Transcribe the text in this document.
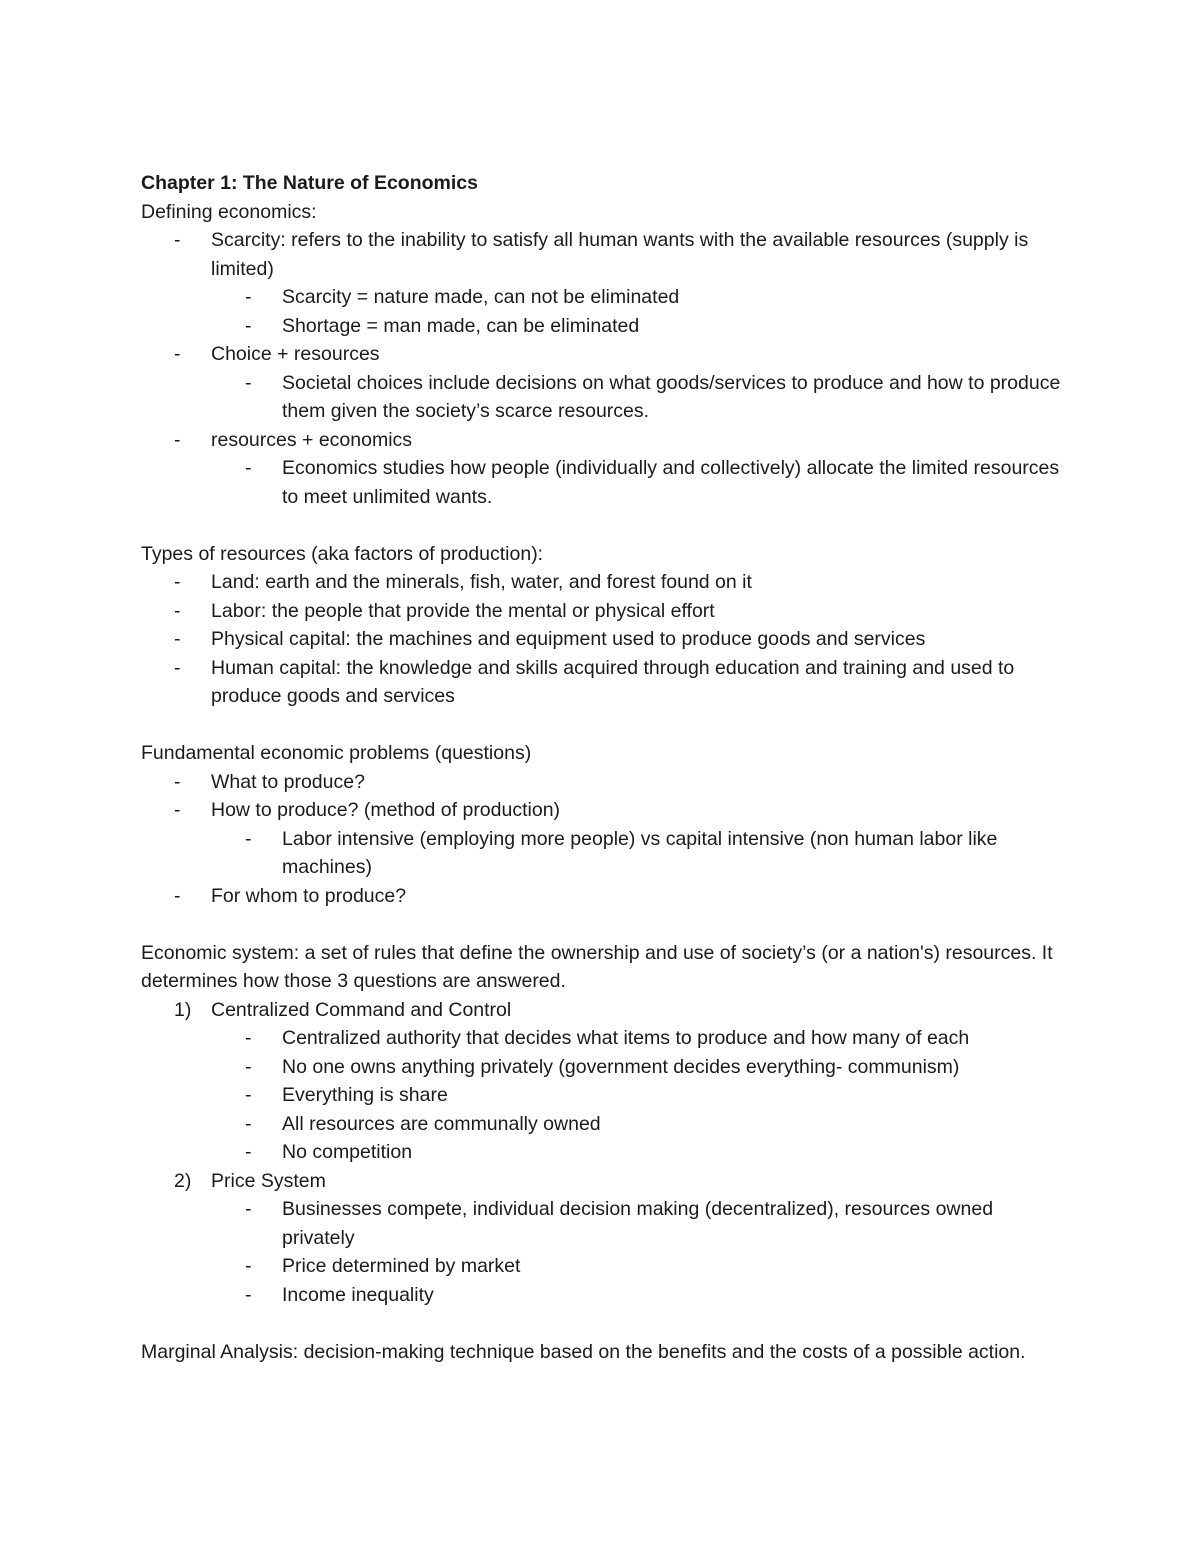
Chapter 1: The Nature of Economics
Defining economics:
- Scarcity: refers to the inability to satisfy all human wants with the available resources (supply is limited)
- Scarcity = nature made, can not be eliminated
- Shortage = man made, can be eliminated
- Choice + resources
- Societal choices include decisions on what goods/services to produce and how to produce them given the society’s scarce resources.
- resources + economics
- Economics studies how people (individually and collectively) allocate the limited resources to meet unlimited wants.
Types of resources (aka factors of production):
- Land: earth and the minerals, fish, water, and forest found on it
- Labor: the people that provide the mental or physical effort
- Physical capital: the machines and equipment used to produce goods and services
- Human capital: the knowledge and skills acquired through education and training and used to produce goods and services
Fundamental economic problems (questions)
- What to produce?
- How to produce? (method of production)
- Labor intensive (employing more people) vs capital intensive (non human labor like machines)
- For whom to produce?
Economic system: a set of rules that define the ownership and use of society’s (or a nation's) resources. It determines how those 3 questions are answered.
1) Centralized Command and Control
- Centralized authority that decides what items to produce and how many of each
- No one owns anything privately (government decides everything- communism)
- Everything is share
- All resources are communally owned
- No competition
2) Price System
- Businesses compete, individual decision making (decentralized), resources owned privately
- Price determined by market
- Income inequality
Marginal Analysis: decision-making technique based on the benefits and the costs of a possible action.
